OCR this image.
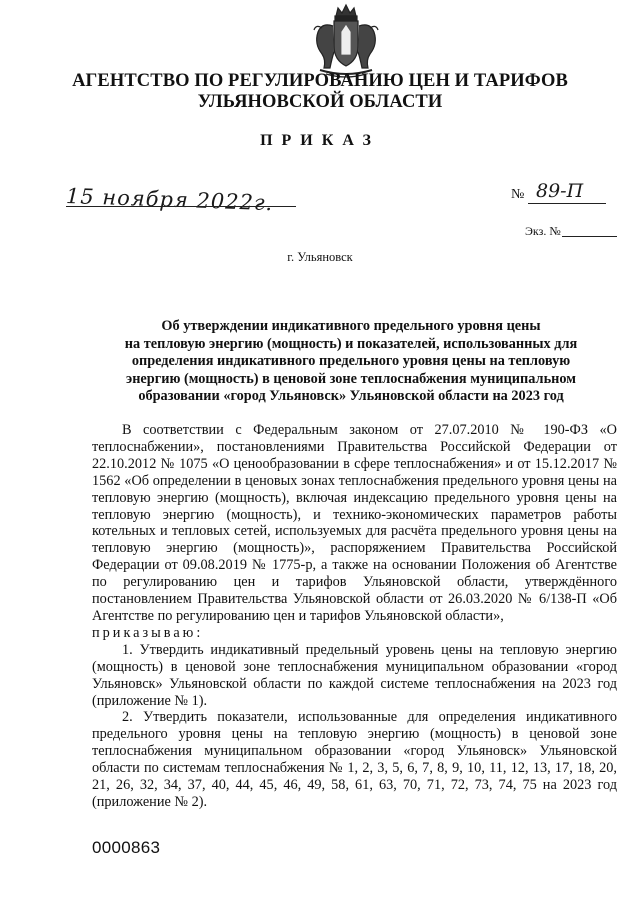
АГЕНТСТВО ПО РЕГУЛИРОВАНИЮ ЦЕН И ТАРИФОВ
УЛЬЯНОВСКОЙ ОБЛАСТИ
ПРИКАЗ
15 ноября 2022г.	№ 89-П
Экз. №
г. Ульяновск
Об утверждении индикативного предельного уровня цены
на тепловую энергию (мощность) и показателей, использованных для
определения индикативного предельного уровня цены на тепловую
энергию (мощность) в ценовой зоне теплоснабжения муниципальном
образовании «город Ульяновск» Ульяновской области на 2023 год

В соответствии с Федеральным законом от 27.07.2010 № 190-ФЗ «О теплоснабжении», постановлениями Правительства Российской Федерации от 22.10.2012 № 1075 «О ценообразовании в сфере теплоснабжения» и от 15.12.2017 № 1562 «Об определении в ценовых зонах теплоснабжения предельного уровня цены на тепловую энергию (мощность), включая индексацию предельного уровня цены на тепловую энергию (мощность), и технико-экономических параметров работы котельных и тепловых сетей, используемых для расчёта предельного уровня цены на тепловую энергию (мощность)», распоряжением Правительства Российской Федерации от 09.08.2019 № 1775-р, а также на основании Положения об Агентстве по регулированию цен и тарифов Ульяновской области, утверждённого постановлением Правительства Ульяновской области от 26.03.2020 № 6/138-П «Об Агентстве по регулированию цен и тарифов Ульяновской области»,

приказываю:

1. Утвердить индикативный предельный уровень цены на тепловую энергию (мощность) в ценовой зоне теплоснабжения муниципальном образовании «город Ульяновск» Ульяновской области по каждой системе теплоснабжения на 2023 год (приложение № 1).

2. Утвердить показатели, использованные для определения индикативного предельного уровня цены на тепловую энергию (мощность) в ценовой зоне теплоснабжения муниципальном образовании «город Ульяновск» Ульяновской области по системам теплоснабжения № 1, 2, 3, 5, 6, 7, 8, 9, 10, 11, 12, 13, 17, 18, 20, 21, 26, 32, 34, 37, 40, 44, 45, 46, 49, 58, 61, 63, 70, 71, 72, 73, 74, 75 на 2023 год (приложение № 2).

0000863
